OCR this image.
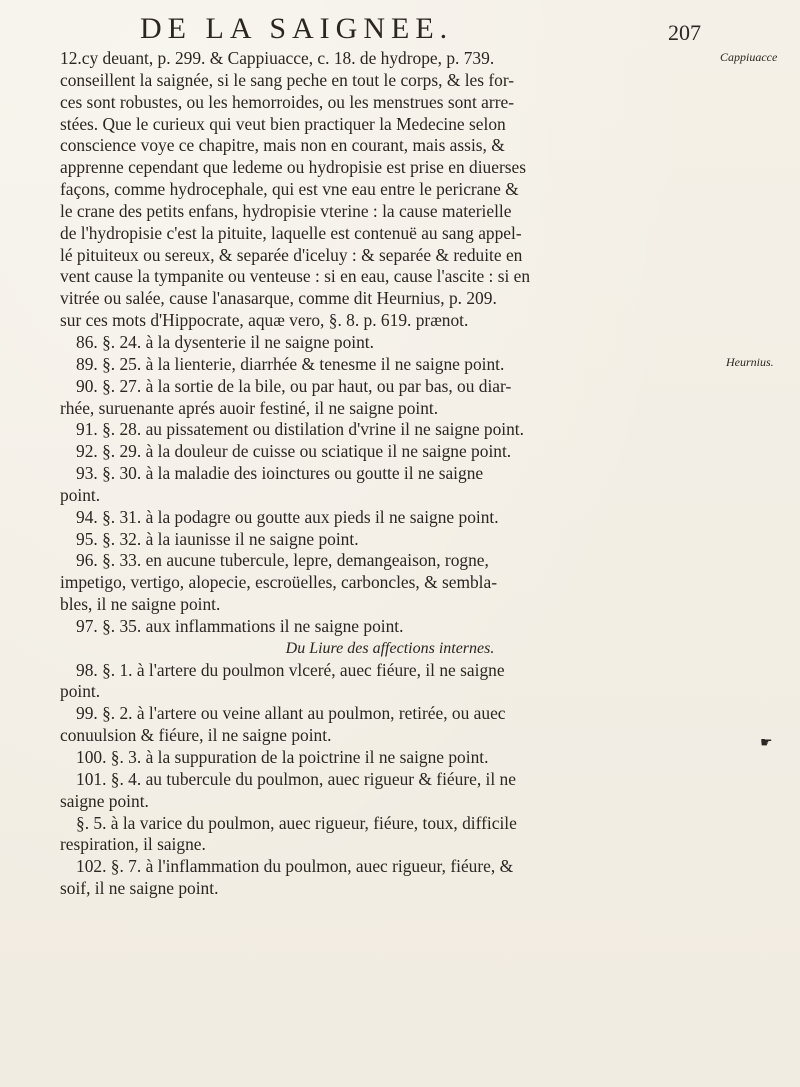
DE LA SAIGNEE.	207
12.cy deuant, p. 299. & Cappiuacce, c. 18. de hydrope, p. 739.
conseillent la saignée, si le sang peche en tout le corps, & les for-
ces sont robustes, ou les hemorroides, ou les menstrues sont arre-
stées. Que le curieux qui veut bien practiquer la Medecine selon
conscience voye ce chapitre, mais non en courant, mais assis, &
apprenne cependant que ledeme ou hydropisie est prise en diuerses
façons, comme hydrocephale, qui est vne eau entre le pericrane &
le crane des petits enfans, hydropisie vterine : la cause materielle
de l'hydropisie c'est la pituite, laquelle est contenuë au sang appel-
lé pituiteux ou sereux, & separée d'iceluy : & separée & reduite en
vent cause la tympanite ou venteuse : si en eau, cause l'ascite : si en
vitrée ou salée, cause l'anasarque, comme dit Heurnius, p. 209.
sur ces mots d'Hippocrate, aquæ vero, §. 8. p. 619. prænot.
86. §. 24. à la dysenterie il ne saigne point.
89. §. 25. à la lienterie, diarrhée & tenesme il ne saigne point.
90. §. 27. à la sortie de la bile, ou par haut, ou par bas, ou diar-
rhée, suruenante aprés auoir festiné, il ne saigne point.
91. §. 28. au pissatement ou distilation d'vrine il ne saigne point.
92. §. 29. à la douleur de cuisse ou sciatique il ne saigne point.
93. §. 30. à la maladie des ioinctures ou goutte il ne saigne
point.
94. §. 31. à la podagre ou goutte aux pieds il ne saigne point.
95. §. 32. à la iaunisse il ne saigne point.
96. §. 33. en aucune tubercule, lepre, demangeaison, rogne,
impetigo, vertigo, alopecie, escroüelles, carboncles, & sembla-
bles, il ne saigne point.
97. §. 35. aux inflammations il ne saigne point.
Du Liure des affections internes.
98. §. 1. à l'artere du poulmon vlceré, auec fiéure, il ne saigne
point.
99. §. 2. à l'artere ou veine allant au poulmon, retirée, ou auec
conuulsion & fiéure, il ne saigne point.
100. §. 3. à la suppuration de la poictrine il ne saigne point.
101. §. 4. au tubercule du poulmon, auec rigueur & fiéure, il ne
saigne point.
§. 5. à la varice du poulmon, auec rigueur, fiéure, toux, difficile
respiration, il saigne.
102. §. 7. à l'inflammation du poulmon, auec rigueur, fiéure, &
soif, il ne saigne point.
Cappiuacce
Heurnius.
☛
